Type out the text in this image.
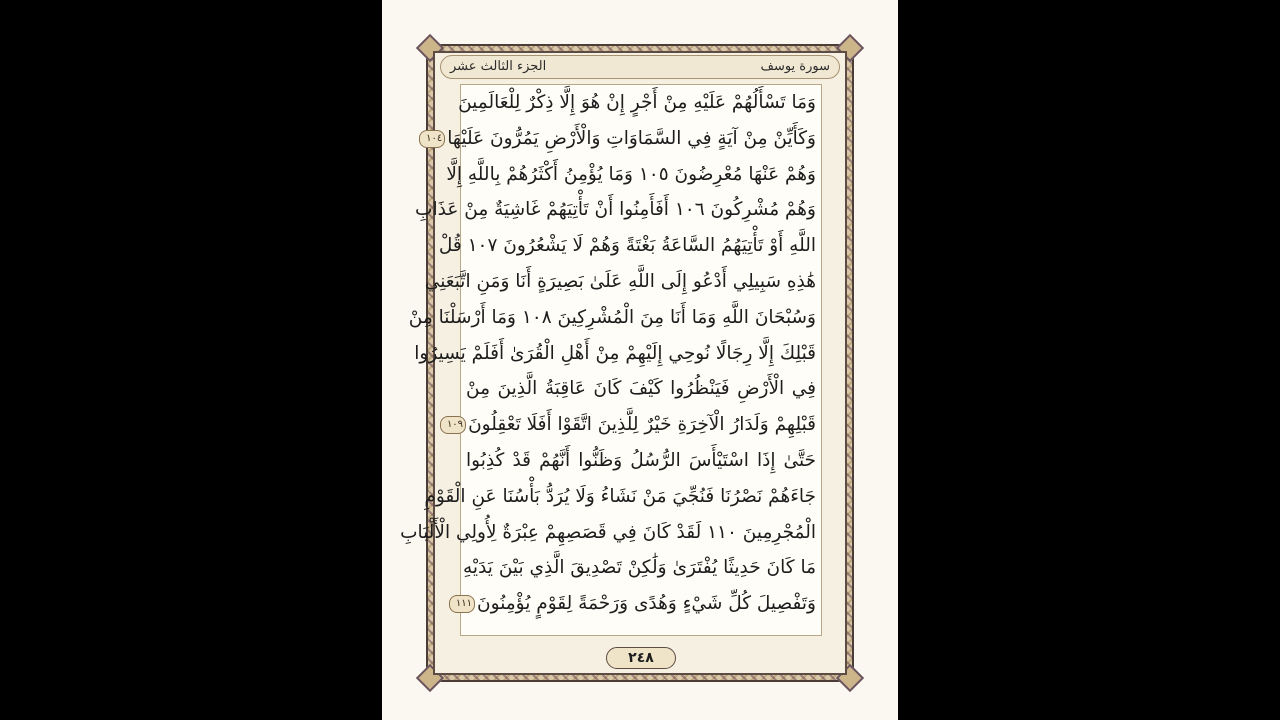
الجزء الثالث عشر	سورة يوسف
وَمَا تَسْأَلُهُمْ عَلَيْهِ مِنْ أَجْرٍ إِنْ هُوَ إِلَّا ذِكْرٌ لِلْعَالَمِينَ
وَكَأَيِّنْ مِنْ آيَةٍ فِي السَّمَاوَاتِ وَالْأَرْضِ يَمُرُّونَ عَلَيْهَا١٠٤
وَهُمْ عَنْهَا مُعْرِضُونَ ١٠٥ وَمَا يُؤْمِنُ أَكْثَرُهُمْ بِاللَّهِ إِلَّا
وَهُمْ مُشْرِكُونَ ١٠٦ أَفَأَمِنُوا أَنْ تَأْتِيَهُمْ غَاشِيَةٌ مِنْ عَذَابِ
اللَّهِ أَوْ تَأْتِيَهُمُ السَّاعَةُ بَغْتَةً وَهُمْ لَا يَشْعُرُونَ ١٠٧ قُلْ
هَٰذِهِ سَبِيلِي أَدْعُو إِلَى اللَّهِ عَلَىٰ بَصِيرَةٍ أَنَا وَمَنِ اتَّبَعَنِي
وَسُبْحَانَ اللَّهِ وَمَا أَنَا مِنَ الْمُشْرِكِينَ ١٠٨ وَمَا أَرْسَلْنَا مِنْ
قَبْلِكَ إِلَّا رِجَالًا نُوحِي إِلَيْهِمْ مِنْ أَهْلِ الْقُرَىٰ أَفَلَمْ يَسِيرُوا
فِي الْأَرْضِ فَيَنْظُرُوا كَيْفَ كَانَ عَاقِبَةُ الَّذِينَ مِنْ
قَبْلِهِمْ وَلَدَارُ الْآخِرَةِ خَيْرٌ لِلَّذِينَ اتَّقَوْا أَفَلَا تَعْقِلُونَ١٠٩
حَتَّىٰ إِذَا اسْتَيْأَسَ الرُّسُلُ وَظَنُّوا أَنَّهُمْ قَدْ كُذِبُوا
جَاءَهُمْ نَصْرُنَا فَنُجِّيَ مَنْ نَشَاءُ وَلَا يُرَدُّ بَأْسُنَا عَنِ الْقَوْمِ
الْمُجْرِمِينَ ١١٠ لَقَدْ كَانَ فِي قَصَصِهِمْ عِبْرَةٌ لِأُولِي الْأَلْبَابِ
مَا كَانَ حَدِيثًا يُفْتَرَىٰ وَلَٰكِنْ تَصْدِيقَ الَّذِي بَيْنَ يَدَيْهِ
وَتَفْصِيلَ كُلِّ شَيْءٍ وَهُدًى وَرَحْمَةً لِقَوْمٍ يُؤْمِنُونَ١١١
٢٤٨
